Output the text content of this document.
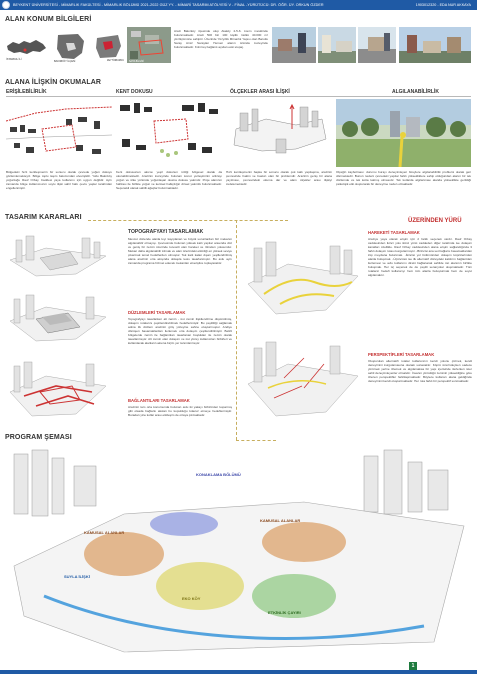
BEYKENT ÜNİVERSİTESİ - MİMARLIK FAKÜLTESİ - MİMARLIK BÖLÜMÜ 2021-2022 GÜZ YY. - MİMARİ TASARIM ATÖLYESİ V - FİNAL -YÜRÜTÜCÜ: DR. ÖĞR. ÜY. ORKUN ÖZDER	1903012320 - EDA NUR AKKAYA
ALAN KONUM BİLGİLERİ
İSTANBUL İLİ
BAKIRKÖY İLÇESİ	ZEYTİNBURNU SAHA BİLGİSİ
Arazi Bakırköy ilçesinde olup Ataköy 2-5-6. kısım mevkiinde bulunmaktadır. Arazi 500 bin 100 kişilik mülkü 40.000 m² yüzölçümüne sahiptir. Üzerinde Yüzyıllık Mimarlık Yapısı olan Barutlu Saray Amiz Saraylan Hemen alanın önünde kuzeyinde bulunmaktadır. Kılınmış bağlantı açıdan eski stopaj.
ALANA İLİŞKİN OKUMALAR
ERİŞİLEBİLİRLİK	KENT DOKUSU	ÖLÇEKLER ARASI İLİŞKİ	ALGILANABİLİRLİK
Bölgedeki hızlı kentleşmenin bir sonucu olarak çevrede yoğun dokuyu gözlemlemekteyiz. Bölge toplu taşım bakımından elverişlidir. Yollu Bakırköy yoğunluğu Rauf Orbay Caddesi yaya kullanımı için uygun değildir. Aynı zamanda bölge kullanıcısının soylu ilişki sahil hattı çevre yaşlar tarafından engellenmiştir.
Kent dokusunun akıcısı yeşil dokunun izdiği bölgesel olarak da okunabilmektedir. Arazinin kuzeyinde bulunan konut yerleşiminin aritzayı yoğun ve ülke yönünde yoğunlaşan okuma dokusu yakındır. Proje alanının hafizası ile birlikte yoğun ve kentsel halkçılığın dinsel yakınlık bulunmaktadır. Seçenekli olarak sahilli ağaçlar bulunmaktadır.
Hızlı kentleşmenin başka bir sonucu olarak çok katlı yapılaşma, arazinin çevresinde hakim ve baskın olan bir problemdir. Arazinin geniş bir alana yayılması, çevresindeki okuma dar ve alanı ölçekler arası ilişkiyi zedelemektedir.
Ölçeğin kaybolması: durumu burayı deneyimleyen bireylere algılanabilirlik problemi olarak geri dönmektedir. Bunun nedeni çevredeki yapılar farklı yüksekliklere sahip olduğundan alanın bir tek düzlemde ve tek kotta kalmış olmasıdır. Tek kotlarda algılanması alanda yükseklikte gerildiği psikolojik etki oluşturarak bir deneyime neden olmaktadır.
TASARIM KARARLARI
TOPOGRAFYAYI TASARLAMAK
Mevcut düzende alanla kıyı kayıplanan ve büyük sorunlardan biri mekanın algılanabilir olmayışı. Çevresinde bulunan yüksek katlı yapılar arasında düz ve geniş bir zemin üzerinde kuvvetli olan hareket ve ritimden yoksundur. Mekan daha algılanabilir kılmak ve alan üzerindeki etkinliği en yüksek seviye çıkarmak temel hedeflerden olmuştur. Tek katlı kalan dışarı yeşillendirilmiş alana arazinin orta akışında dolaşıla tesis tasarlanmıştır. Bu avlu aynı zamanda programa hizmet edecek mekanları elverişlice toplayacaktır.
DÜZLEMLERİ TASARLAMAK
Topografyayı tasarlarken alt zemin - üst zemin ilişkilendirme düşünülmüş, dolaşım rotalarını çeşitlendirebilmek hedeflenmiştir. Bu çeşitliliği sağlamak adına ilk düzlem arazinin giriş yüzeyine sahne oluşturmuştur. Andiye dönüşen basamaklardan ilerlemek orta dolaşım çeşitlendirilmiştir. Belirli bölgelerde zemin ile bağlantıları tasarlanan boşlukları ile zemin olarak tasarlanmıştır. Alt zemin olan dolaşım ve üst yüzey kullanıcıları birbirleri ve kullanılacak alanların aksına biçim yer tanımlanmıştır.
BAĞLANTILARI TASARLAMAK
Arazinin tam orta konumunda bulunan avlu iki yakayı birbirinden koparmış gibi olsada bağlantı akslan bu kopukluğu kılavuz etmeye hedeflenmiştir. Buradan yine kollar arası etkileşim de ortaya çıkmaktadır.
ÜZERİNDEN YÜRÜ
HAREKETİ TASARLAMAK
Araziye yaya olarak erişim için 2 farklı seçenek vardır. Rauf Orbay caddesinden ikinci yolu ikinci yönü caddeden diğer tarafında ise dolaşım kanalları özellikle. Rauf Orbay caddesinden alana erişim sağlandığında 3 farklı dolaşım rotası kurgulanmıştır. -Birincisi ana set bağlamı basamaklardan inip meydana bulunmak. -İkincisi yol bölümünden dolaşım köprülerinden alanla buluşmak. -Üçüncüsü ise ilk alternatif düzeydeki kaldırım bağlantıları ilerlemesi ve avlu kullanımı direkt bağlanarak sahilde üst alanının birlikte buluşmak. Her üç seçenek de de çeşitli senaryolar oluşmaktadır. Tüm rotaların hedefi kullanıcıyı hem tüm alanla buluşturmak hem de soyut algılamaktır.
PERSPEKTİFLERİ TASARLAMAK
Oluşturulan alternatifi rotalar kullanıcının kendi yolunu çizmek, kendi deneyimini kurgulamasına olanak sunacaktır. Köprü üzerindeyken sadece yürümek yerine izlemek ve algılamaksa bir yapı içerisinde ilerlerken ister sahil deneyimleyenler olmalıdır. İnsanın yürüdüğü zeminin yüksekliğine göre izlenen perspektifler farklılaşmaktadır. Böylece kullanıcı alana geldiğinde deneyimini kendi oluşturmaktadır. Her rota farklı bir perspektif sunmaktadır.
PROGRAM ŞEMASI
KONAKLAMA BÖLÜMÜ
KAMUSAL ALANLAR
KAMUSAL ALANLAR
EKO KÖY
ETKİNLİK ÇAYIRI
SUYLA İLİŞKİ
1
